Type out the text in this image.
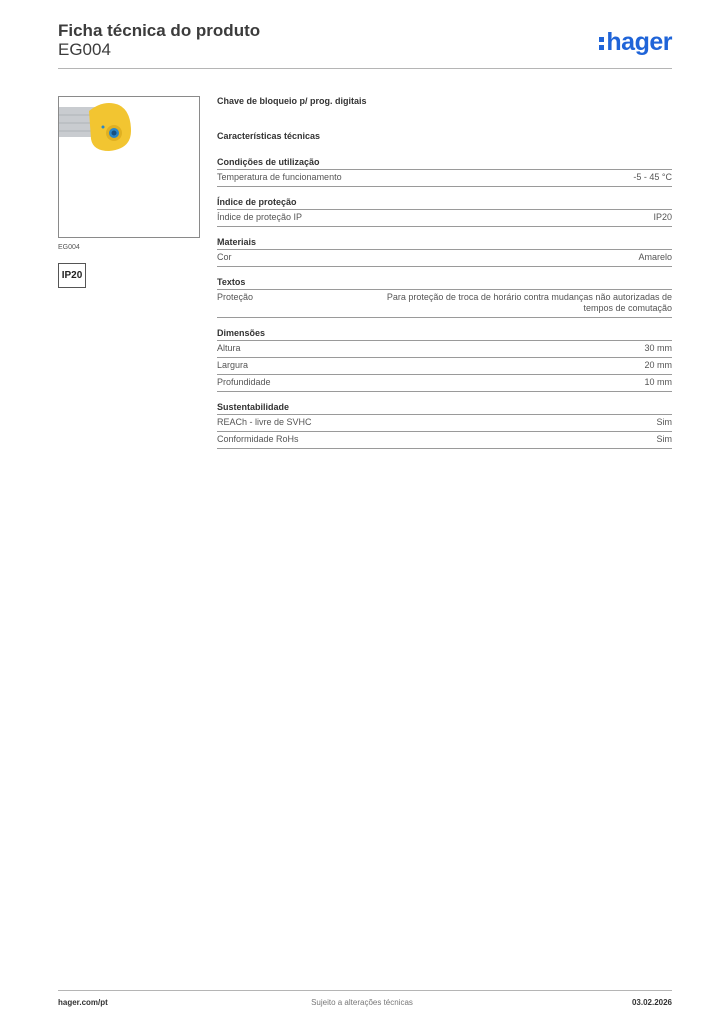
Ficha técnica do produto
EG004	hager
EG004
IP20
Chave de bloqueio p/ prog. digitais
Características técnicas
Condições de utilização
Temperatura de funcionamento	-5 - 45 °C
Índice de proteção
Índice de proteção IP	IP20
Materiais
Cor	Amarelo
Textos
Proteção	Para proteção de troca de horário contra mudanças não autorizadas de tempos de comutação
Dimensões
Altura	30 mm
Largura	20 mm
Profundidade	10 mm
Sustentabilidade
REACh - livre de SVHC	Sim
Conformidade RoHs	Sim
hager.com/pt	Sujeito a alterações técnicas	03.02.2026
